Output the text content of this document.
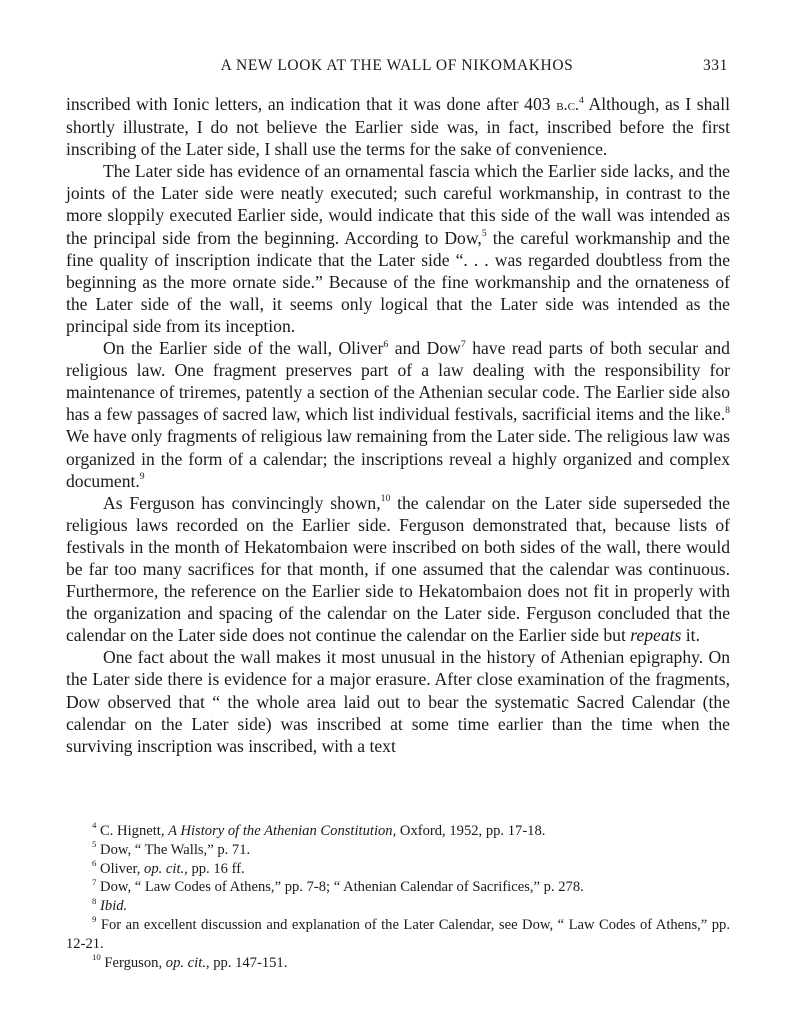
A NEW LOOK AT THE WALL OF NIKOMAKHOS	331

inscribed with Ionic letters, an indication that it was done after 403 b.c.$^4$ Although, as I shall shortly illustrate, I do not believe the Earlier side was, in fact, inscribed before the first inscribing of the Later side, I shall use the terms for the sake of convenience.

The Later side has evidence of an ornamental fascia which the Earlier side lacks, and the joints of the Later side were neatly executed; such careful workmanship, in contrast to the more sloppily executed Earlier side, would indicate that this side of the wall was intended as the principal side from the beginning. According to Dow,$^5$ the careful workmanship and the fine quality of inscription indicate that the Later side “. . . was regarded doubtless from the beginning as the more ornate side.” Because of the fine workmanship and the ornateness of the Later side of the wall, it seems only logical that the Later side was intended as the principal side from its inception.

On the Earlier side of the wall, Oliver$^6$ and Dow$^7$ have read parts of both secular and religious law. One fragment preserves part of a law dealing with the responsibility for maintenance of triremes, patently a section of the Athenian secular code. The Earlier side also has a few passages of sacred law, which list individual festivals, sacrificial items and the like.$^8$ We have only fragments of religious law remaining from the Later side. The religious law was organized in the form of a calendar; the inscriptions reveal a highly organized and complex document.$^9$

As Ferguson has convincingly shown,$^{10}$ the calendar on the Later side superseded the religious laws recorded on the Earlier side. Ferguson demonstrated that, because lists of festivals in the month of Hekatombaion were inscribed on both sides of the wall, there would be far too many sacrifices for that month, if one assumed that the calendar was continuous. Furthermore, the reference on the Earlier side to Hekatombaion does not fit in properly with the organization and spacing of the calendar on the Later side. Ferguson concluded that the calendar on the Later side does not continue the calendar on the Earlier side but repeats it.

One fact about the wall makes it most unusual in the history of Athenian epigraphy. On the Later side there is evidence for a major erasure. After close examination of the fragments, Dow observed that “ the whole area laid out to bear the systematic Sacred Calendar (the calendar on the Later side) was inscribed at some time earlier than the time when the surviving inscription was inscribed, with a text

$^4$ C. Hignett, A History of the Athenian Constitution, Oxford, 1952, pp. 17-18.

$^5$ Dow, “ The Walls,” p. 71.

$^6$ Oliver, op. cit., pp. 16 ff.

$^7$ Dow, “ Law Codes of Athens,” pp. 7-8; “ Athenian Calendar of Sacrifices,” p. 278.

$^8$ Ibid.

$^9$ For an excellent discussion and explanation of the Later Calendar, see Dow, “ Law Codes of Athens,” pp. 12-21.

$^{10}$ Ferguson, op. cit., pp. 147-151.
